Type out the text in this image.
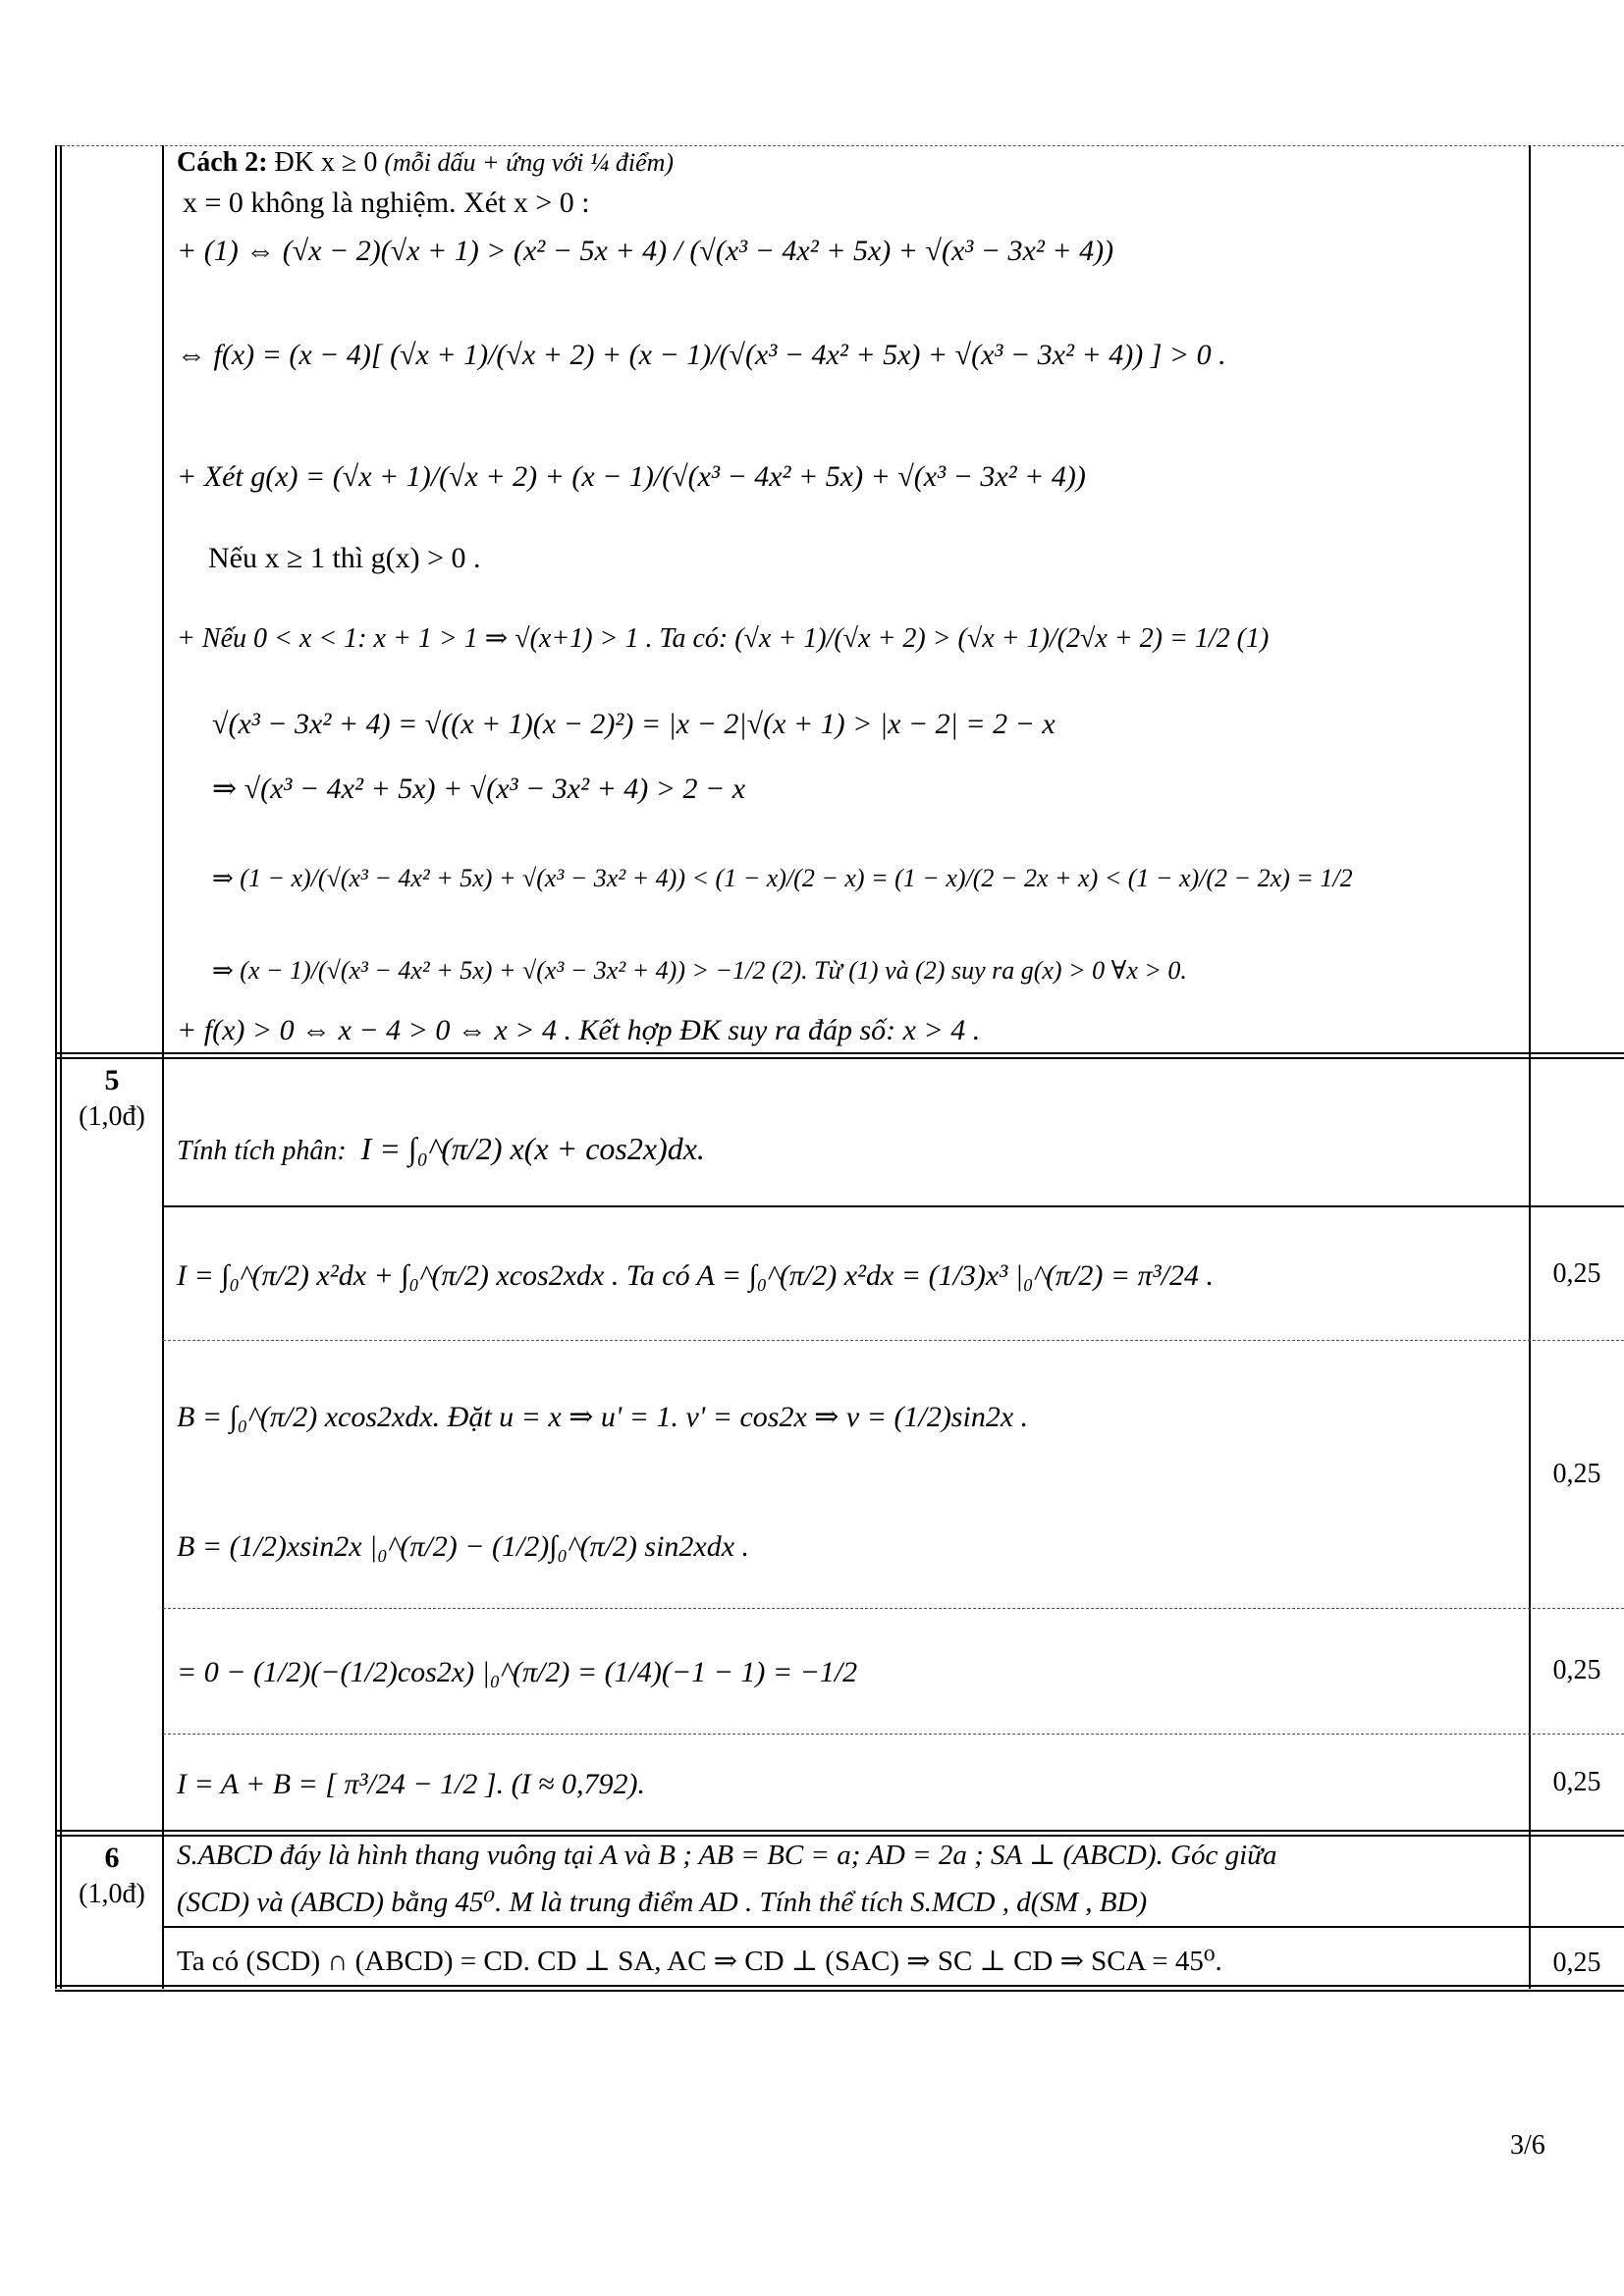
Cách 2: ĐK x ≥ 0 (mỗi dấu + ứng với ¼ điểm)
x = 0 không là nghiệm. Xét x > 0 :
+ (1) ⇔ (√x − 2)(√x + 1) > (x² − 5x + 4) / (√(x³ − 4x² + 5x) + √(x³ − 3x² + 4))
⇔ f(x) = (x − 4)[ (√x + 1)/(√x + 2) + (x − 1)/(√(x³ − 4x² + 5x) + √(x³ − 3x² + 4)) ] > 0 .
+ Xét g(x) = (√x + 1)/(√x + 2) + (x − 1)/(√(x³ − 4x² + 5x) + √(x³ − 3x² + 4))
Nếu x ≥ 1 thì g(x) > 0 .
+ Nếu 0 < x < 1: x + 1 > 1 ⇒ √(x+1) > 1 . Ta có: (√x + 1)/(√x + 2) > (√x + 1)/(2√x + 2) = 1/2 (1)
√(x³ − 3x² + 4) = √((x + 1)(x − 2)²) = |x − 2|√(x + 1) > |x − 2| = 2 − x
⇒ √(x³ − 4x² + 5x) + √(x³ − 3x² + 4) > 2 − x
⇒ (1 − x)/(√(x³ − 4x² + 5x) + √(x³ − 3x² + 4)) < (1 − x)/(2 − x) = (1 − x)/(2 − 2x + x) < (1 − x)/(2 − 2x) = 1/2
⇒ (x − 1)/(√(x³ − 4x² + 5x) + √(x³ − 3x² + 4)) > −1/2 (2). Từ (1) và (2) suy ra g(x) > 0 ∀x > 0.
+ f(x) > 0 ⇔ x − 4 > 0 ⇔ x > 4 . Kết hợp ĐK suy ra đáp số: x > 4 .
5
(1,0đ)
Tính tích phân: I = ∫₀^(π/2) x(x + cos2x)dx.
I = ∫₀^(π/2) x²dx + ∫₀^(π/2) xcos2xdx . Ta có A = ∫₀^(π/2) x²dx = (1/3)x³ |₀^(π/2) = π³/24 .	0,25
B = ∫₀^(π/2) xcos2xdx. Đặt u = x ⇒ u' = 1. v' = cos2x ⇒ v = (1/2)sin2x .
B = (1/2)xsin2x |₀^(π/2) − (1/2)∫₀^(π/2) sin2xdx .
0,25
= 0 − (1/2)(−(1/2)cos2x) |₀^(π/2) = (1/4)(−1 − 1) = −1/2	0,25
I = A + B = [ π³/24 − 1/2 ]. (I ≈ 0,792).	0,25
6
(1,0đ)
S.ABCD đáy là hình thang vuông tại A và B ; AB = BC = a; AD = 2a ; SA ⊥ (ABCD). Góc giữa
(SCD) và (ABCD) bằng 45⁰. M là trung điểm AD . Tính thể tích S.MCD , d(SM , BD)
Ta có (SCD) ∩ (ABCD) = CD. CD ⊥ SA, AC ⇒ CD ⊥ (SAC) ⇒ SC ⊥ CD ⇒ SCA = 45⁰.	0,25
3/6
